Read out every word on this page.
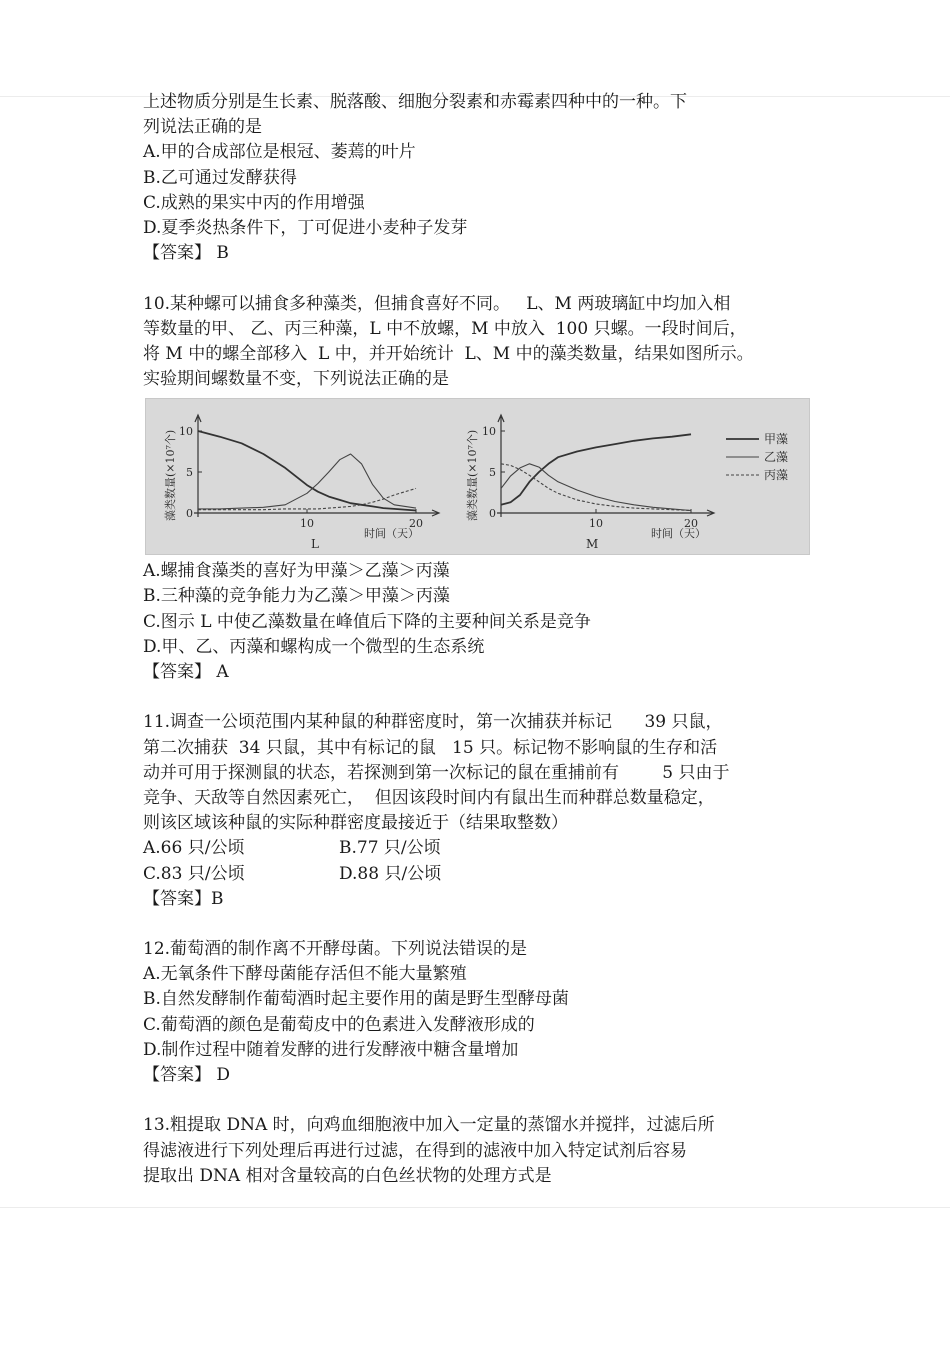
上述物质分别是生长素、脱落酸、细胞分裂素和赤霉素四种中的一种。下
列说法正确的是
A.甲的合成部位是根冠、萎蔫的叶片
B.乙可通过发酵获得
C.成熟的果实中丙的作用增强
D.夏季炎热条件下，丁可促进小麦种子发芽
【答案】 B
10.某种螺可以捕食多种藻类，但捕食喜好不同。   L、M 两玻璃缸中均加入相
等数量的甲、 乙、丙三种藻，L 中不放螺，M 中放入  100 只螺。一段时间后，
将 M 中的螺全部移入  L 中，并开始统计  L、M 中的藻类数量，结果如图所示。
实验期间螺数量不变，下列说法正确的是
0
5
10
10	20
0
5
10
10	20
藻类数量(×10⁷个)
L
时间（天）
藻类数量(×10⁷个)
M
时间（天）
甲藻
乙藻
丙藻
A.螺捕食藻类的喜好为甲藻＞乙藻＞丙藻
B.三种藻的竞争能力为乙藻＞甲藻＞丙藻
C.图示 L 中使乙藻数量在峰值后下降的主要种间关系是竞争
D.甲、乙、丙藻和螺构成一个微型的生态系统
【答案】 A
11.调查一公顷范围内某种鼠的种群密度时，第一次捕获并标记      39 只鼠，
第二次捕获  34 只鼠，其中有标记的鼠   15 只。标记物不影响鼠的生存和活
动并可用于探测鼠的状态，若探测到第一次标记的鼠在重捕前有        5 只由于
竞争、天敌等自然因素死亡，  但因该段时间内有鼠出生而种群总数量稳定，
则该区域该种鼠的实际种群密度最接近于（结果取整数）
A.66 只/公顷	B.77 只/公顷
C.83 只/公顷	D.88 只/公顷
【答案】B
12.葡萄酒的制作离不开酵母菌。下列说法错误的是
A.无氧条件下酵母菌能存活但不能大量繁殖
B.自然发酵制作葡萄酒时起主要作用的菌是野生型酵母菌
C.葡萄酒的颜色是葡萄皮中的色素进入发酵液形成的
D.制作过程中随着发酵的进行发酵液中糖含量增加
【答案】 D
13.粗提取 DNA 时，向鸡血细胞液中加入一定量的蒸馏水并搅拌，过滤后所
得滤液进行下列处理后再进行过滤，在得到的滤液中加入特定试剂后容易
提取出 DNA 相对含量较高的白色丝状物的处理方式是
